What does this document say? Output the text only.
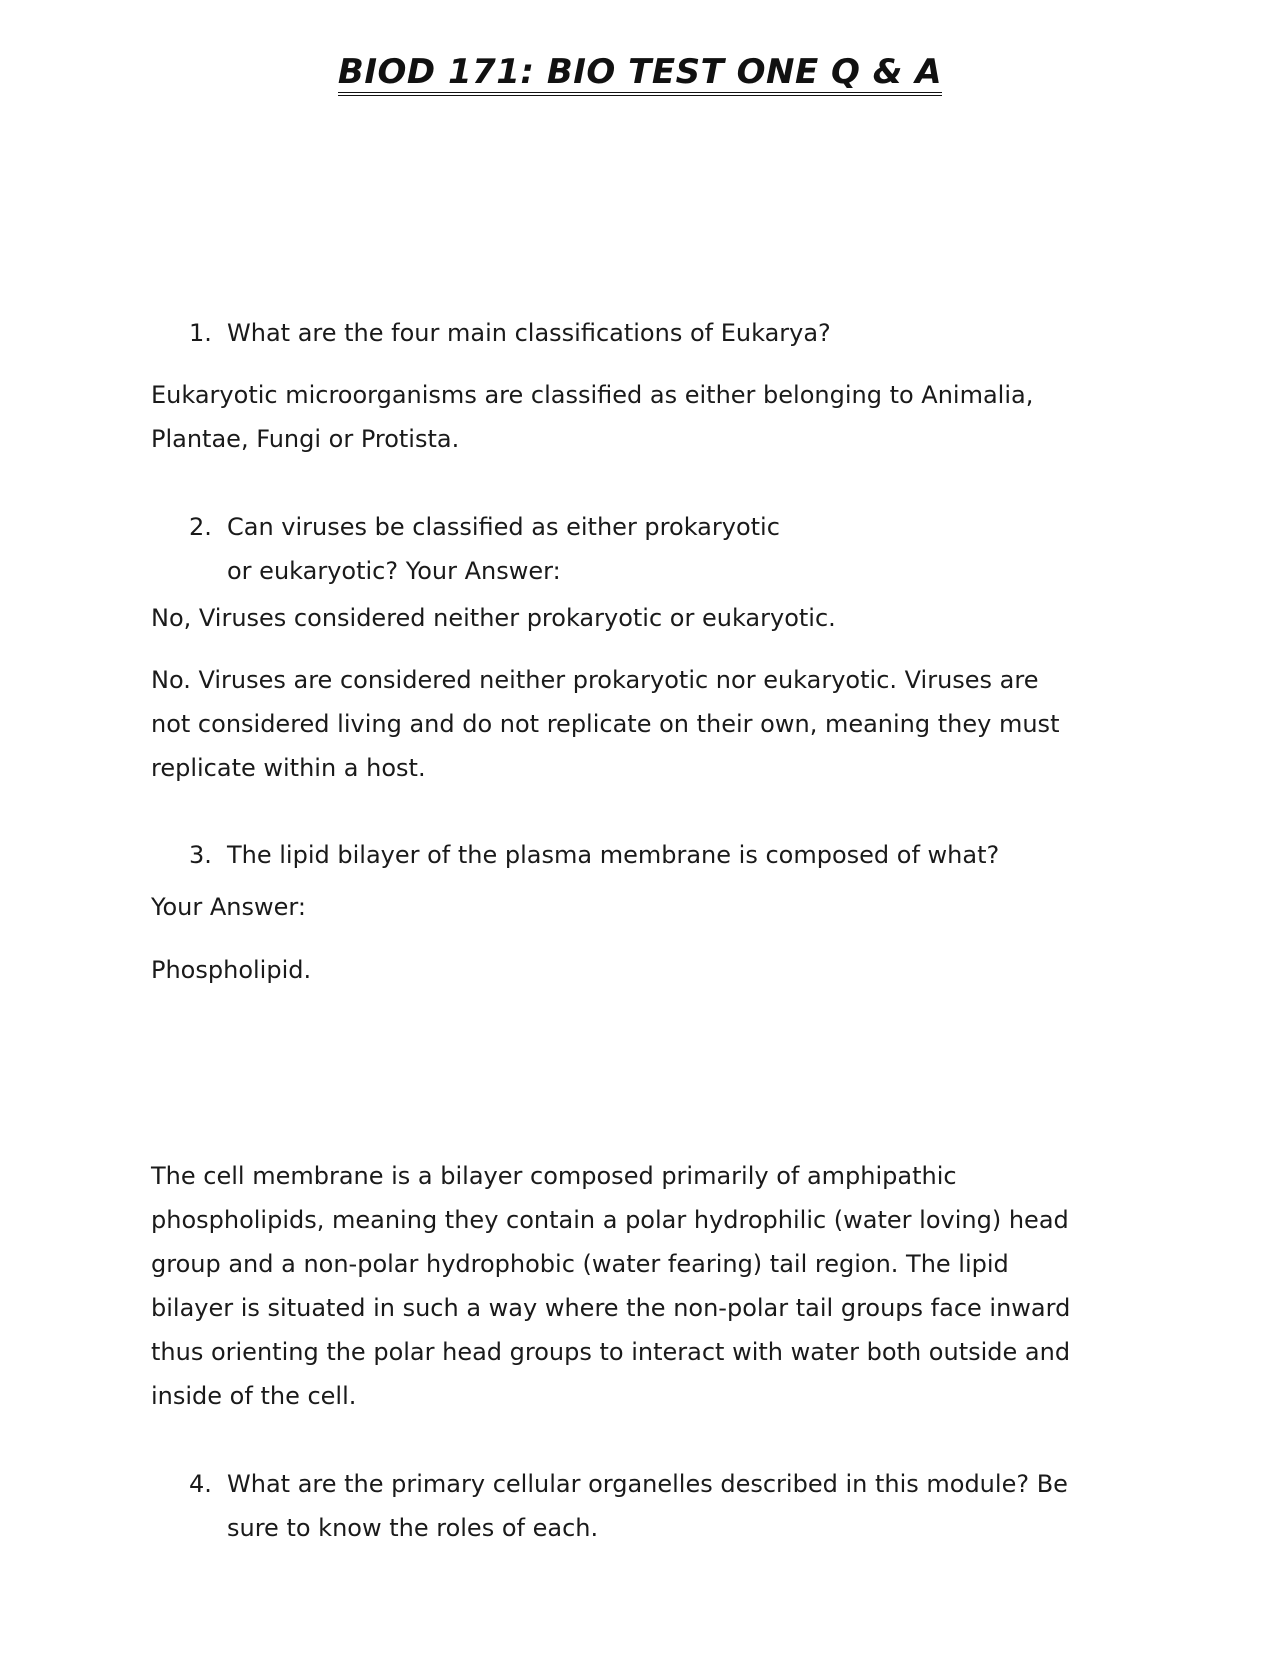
BIOD 171: BIO TEST ONE Q & A
1. What are the four main classifications of Eukarya?
Eukaryotic microorganisms are classified as either belonging to Animalia,
Plantae, Fungi or Protista.
2. Can viruses be classified as either prokaryotic
or eukaryotic? Your Answer:
No, Viruses considered neither prokaryotic or eukaryotic.
No. Viruses are considered neither prokaryotic nor eukaryotic. Viruses are
not considered living and do not replicate on their own, meaning they must
replicate within a host.
3. The lipid bilayer of the plasma membrane is composed of what?
Your Answer:
Phospholipid.
The cell membrane is a bilayer composed primarily of amphipathic
phospholipids, meaning they contain a polar hydrophilic (water loving) head
group and a non-polar hydrophobic (water fearing) tail region. The lipid
bilayer is situated in such a way where the non-polar tail groups face inward
thus orienting the polar head groups to interact with water both outside and
inside of the cell.
4. What are the primary cellular organelles described in this module? Be
sure to know the roles of each.
